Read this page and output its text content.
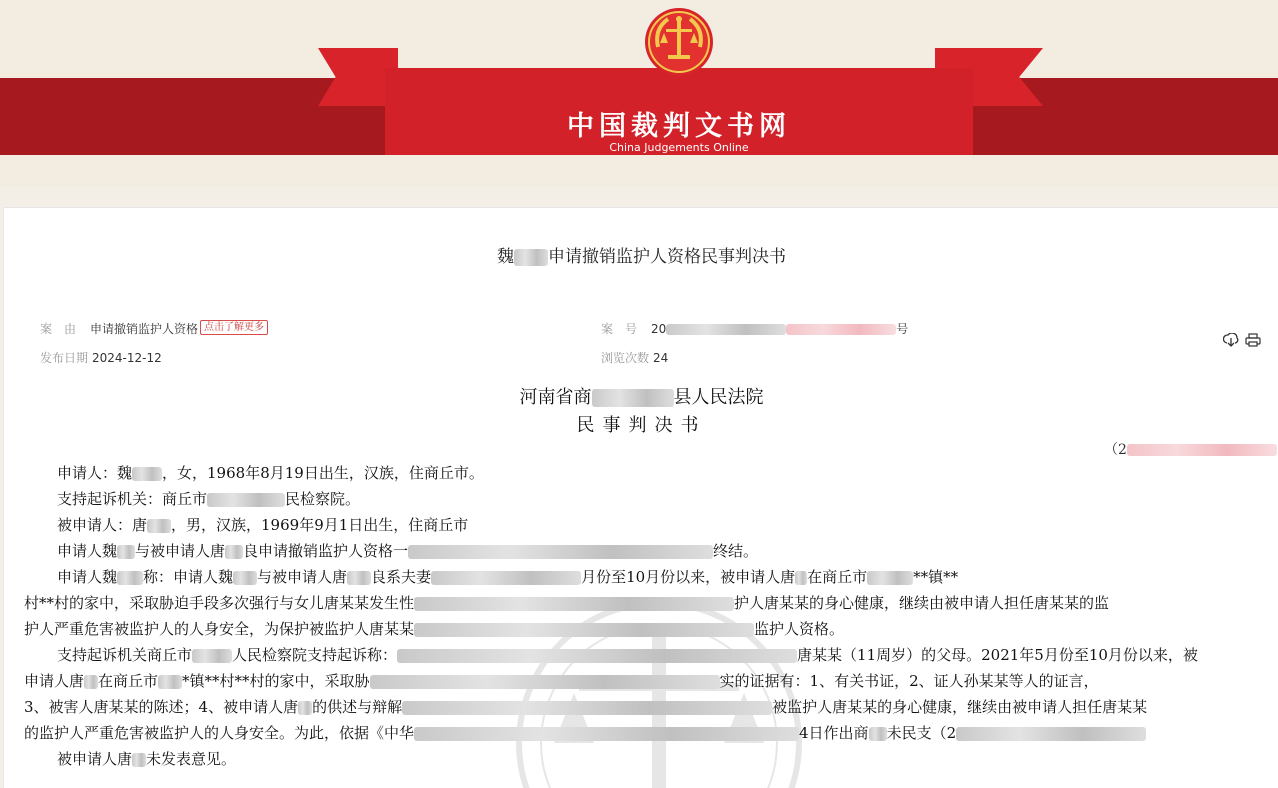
中国裁判文书网
China Judgements Online
魏 申请撤销监护人资格民事判决书
案　由 申请撤销监护人资格 点击了解更多	案　号 20	号
发布日期 2024-12-12	浏览次数 24

河南省商	县人民法院
民事判决书
（2
申请人：魏 ，女，1968年8月19日出生，汉族，住商丘市。
支持起诉机关：商丘市	民检察院。
被申请人：唐 ，男，汉族，1969年9月1日出生，住商丘市
申请人魏 与被申请人唐 良申请撤销监护人资格一	终结。
申请人魏 称：申请人魏 与被申请人唐 良系夫妻	月份至10月份以来，被申请人唐 在商丘市	**镇**
村**村的家中，采取胁迫手段多次强行与女儿唐某某发生性	护人唐某某的身心健康，继续由被申请人担任唐某某的监
护人严重危害被监护人的人身安全，为保护被监护人唐某某	监护人资格。
支持起诉机关商丘市	人民检察院支持起诉称：	唐某某（11周岁）的父母。2021年5月份至10月份以来，被
申请人唐 在商丘市 *镇**村**村的家中，采取胁	实的证据有：1、有关书证，2、证人孙某某等人的证言，
3、被害人唐某某的陈述；4、被申请人唐 的供述与辩解	被监护人唐某某的身心健康，继续由被申请人担任唐某某
的监护人严重危害被监护人的人身安全。为此，依据《中华	4日作出商 未民支（2
被申请人唐 未发表意见。
